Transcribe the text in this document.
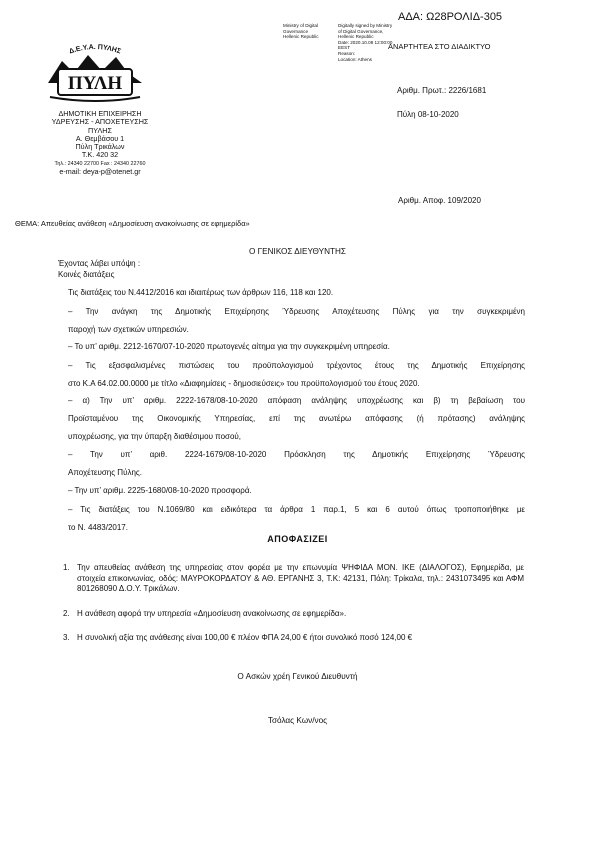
ΑΔΑ: Ω28ΡΟΛΙΔ-305
Ministry of Digital
Governance
Hellenic Republic
Digitally signed by Ministry
of Digital Governance,
Hellenic Republic
Date: 2020.10.08 12:00:00
EEST
Reason:
Location: Athens
ΑΝΑΡΤΗΤΕΑ ΣΤΟ ΔΙΑΔΙΚΤΥΟ
Δ.Ε.Υ.Α. ΠΥΛΗΣ
ΠΥΛΗ
ΔΗΜΟΤΙΚΗ ΕΠΙΧΕΙΡΗΣΗ
ΥΔΡΕΥΣΗΣ - ΑΠΟΧΕΤΕΥΣΗΣ
ΠΥΛΗΣ
Α. Θεμβάσου 1
Πύλη Τρικάλων
Τ.Κ. 420 32
Τηλ.: 24340 22700 Fax : 24340 22760
e-mail: deya-p@otenet.gr
Αριθμ. Πρωτ.: 2226/1681
Πύλη 08-10-2020
Αριθμ. Αποφ. 109/2020
ΘΕΜΑ: Απευθείας ανάθεση «Δημοσίευση ανακοίνωσης σε εφημερίδα»
Ο ΓΕΝΙΚΟΣ ΔΙΕΥΘΥΝΤΗΣ
Έχοντας λάβει υπόψη :
Κοινές διατάξεις
Τις διατάξεις του Ν.4412/2016 και ιδιαιτέρως των άρθρων 116, 118 και 120.
– Την ανάγκη της Δημοτικής Επιχείρησης Ύδρευσης Αποχέτευσης Πύλης για την συγκεκριμένη
παροχή των σχετικών υπηρεσιών.
– Το υπ’ αριθμ. 2212-1670/07-10-2020 πρωτογενές αίτημα για την συγκεκριμένη υπηρεσία.
– Τις εξασφαλισμένες πιστώσεις του προϋπολογισμού τρέχοντος έτους της Δημοτικής Επιχείρησης
στο Κ.Α 64.02.00.0000 με τίτλο «Διαφημίσεις - δημοσιεύσεις» του προϋπολογισμού του έτους 2020.
– α) Την υπ’ αριθμ. 2222-1678/08-10-2020 απόφαση ανάληψης υποχρέωσης και β) τη βεβαίωση του
Προϊσταμένου της Οικονομικής Υπηρεσίας, επί της ανωτέρω απόφασης (ή πρότασης) ανάληψης
υποχρέωσης, για την ύπαρξη διαθέσιμου ποσού,
– Την υπ’ αριθ. 2224-1679/08-10-2020 Πρόσκληση της Δημοτικής Επιχείρησης Ύδρευσης
Αποχέτευσης Πύλης.
– Την υπ’ αριθμ. 2225-1680/08-10-2020 προσφορά.
– Τις διατάξεις του Ν.1069/80 και ειδικότερα τα άρθρα 1 παρ.1, 5 και 6 αυτού όπως τροποποιήθηκε με
το Ν. 4483/2017.
ΑΠΟΦΑΣΙΖΕΙ
1. Την απευθείας ανάθεση της υπηρεσίας στον φορέα με την επωνυμία ΨΗΦΙΔΑ ΜΟΝ. ΙΚΕ (ΔΙΑΛΟΓΟΣ), Εφημερίδα, με στοιχεία επικοινωνίας, οδός: ΜΑΥΡΟΚΟΡΔΑΤΟΥ & ΑΘ. ΕΡΓΑΝΗΣ 3, Τ.Κ: 42131, Πόλη: Τρίκαλα, τηλ.: 2431073495 και ΑΦΜ 801268090 Δ.Ο.Υ. Τρικάλων.
2. Η ανάθεση αφορά την υπηρεσία «Δημοσίευση ανακοίνωσης σε εφημερίδα».
3. Η συνολική αξία της ανάθεσης είναι 100,00 € πλέον ΦΠΑ 24,00 € ήτοι συνολικό ποσό 124,00 €
Ο Ασκών χρέη Γενικού Διευθυντή
Τσόλας Κων/νος
